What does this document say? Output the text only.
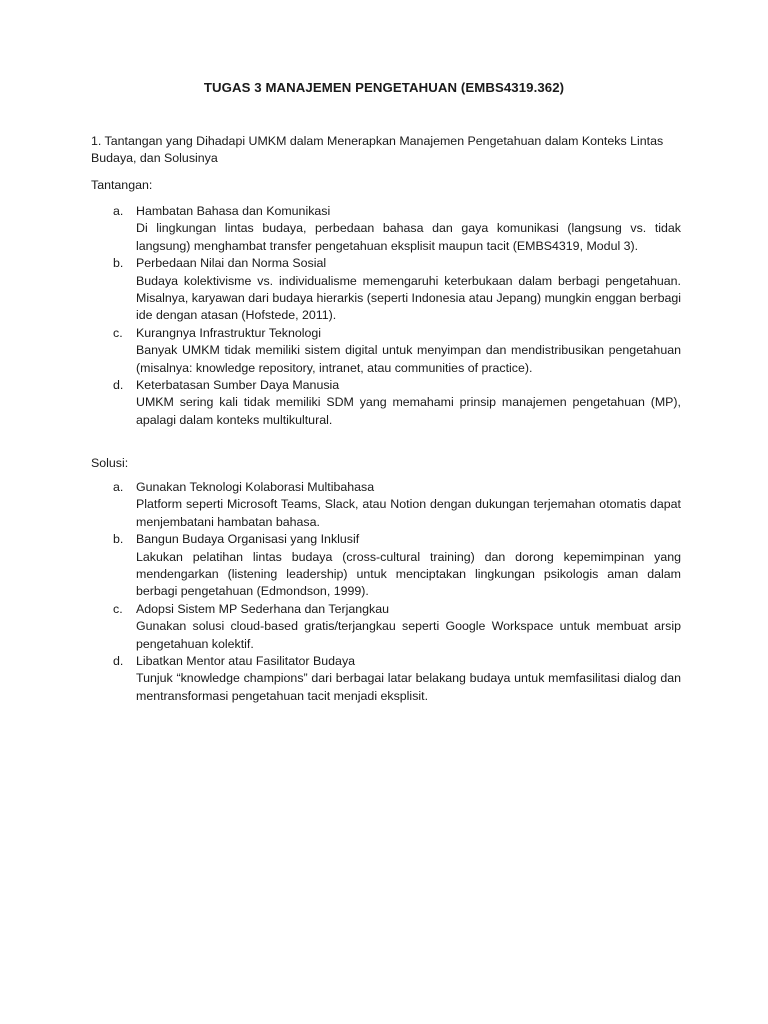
TUGAS 3 MANAJEMEN PENGETAHUAN (EMBS4319.362)
1. Tantangan yang Dihadapi UMKM dalam Menerapkan Manajemen Pengetahuan dalam Konteks Lintas Budaya, dan Solusinya
Tantangan:
a. Hambatan Bahasa dan Komunikasi
Di lingkungan lintas budaya, perbedaan bahasa dan gaya komunikasi (langsung vs. tidak langsung) menghambat transfer pengetahuan eksplisit maupun tacit (EMBS4319, Modul 3).
b. Perbedaan Nilai dan Norma Sosial
Budaya kolektivisme vs. individualisme memengaruhi keterbukaan dalam berbagi pengetahuan. Misalnya, karyawan dari budaya hierarkis (seperti Indonesia atau Jepang) mungkin enggan berbagi ide dengan atasan (Hofstede, 2011).
c. Kurangnya Infrastruktur Teknologi
Banyak UMKM tidak memiliki sistem digital untuk menyimpan dan mendistribusikan pengetahuan (misalnya: knowledge repository, intranet, atau communities of practice).
d. Keterbatasan Sumber Daya Manusia
UMKM sering kali tidak memiliki SDM yang memahami prinsip manajemen pengetahuan (MP), apalagi dalam konteks multikultural.
Solusi:
a. Gunakan Teknologi Kolaborasi Multibahasa
Platform seperti Microsoft Teams, Slack, atau Notion dengan dukungan terjemahan otomatis dapat menjembatani hambatan bahasa.
b. Bangun Budaya Organisasi yang Inklusif
Lakukan pelatihan lintas budaya (cross-cultural training) dan dorong kepemimpinan yang mendengarkan (listening leadership) untuk menciptakan lingkungan psikologis aman dalam berbagi pengetahuan (Edmondson, 1999).
c. Adopsi Sistem MP Sederhana dan Terjangkau
Gunakan solusi cloud-based gratis/terjangkau seperti Google Workspace untuk membuat arsip pengetahuan kolektif.
d. Libatkan Mentor atau Fasilitator Budaya
Tunjuk “knowledge champions” dari berbagai latar belakang budaya untuk memfasilitasi dialog dan mentransformasi pengetahuan tacit menjadi eksplisit.
